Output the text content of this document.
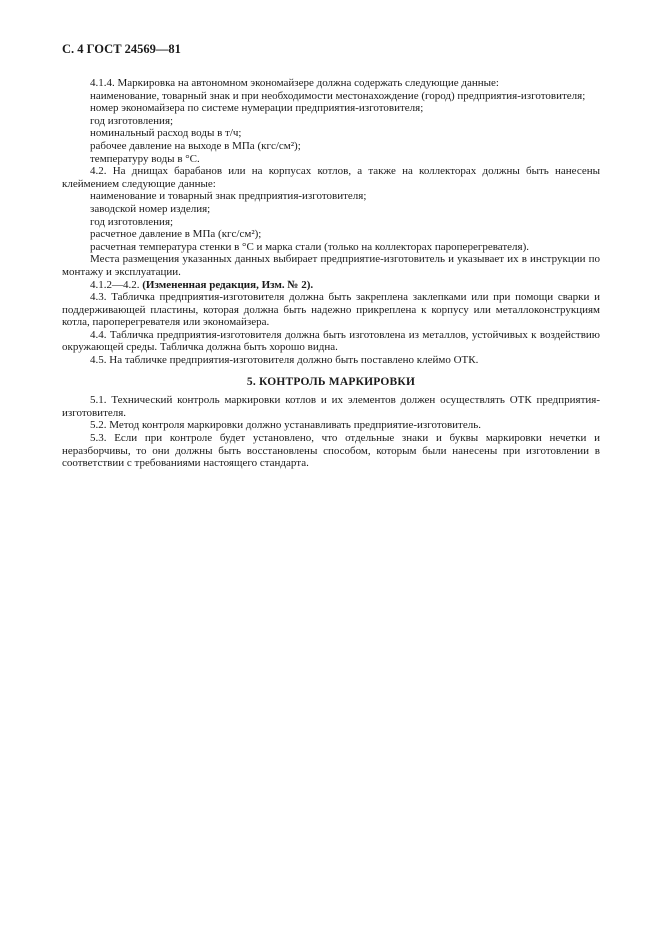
С. 4 ГОСТ 24569—81

4.1.4. Маркировка на автономном экономайзере должна содержать следующие данные:

наименование, товарный знак и при необходимости местонахождение (город) предприятия-изготовителя;

номер экономайзера по системе нумерации предприятия-изготовителя;

год изготовления;

номинальный расход воды в т/ч;

рабочее давление на выходе в МПа (кгс/см²);

температуру воды в °С.

4.2. На днищах барабанов или на корпусах котлов, а также на коллекторах должны быть нанесены клеймением следующие данные:

наименование и товарный знак предприятия-изготовителя;

заводской номер изделия;

год изготовления;

расчетное давление в МПа (кгс/см²);

расчетная температура стенки в °С и марка стали (только на коллекторах пароперегревателя).

Места размещения указанных данных выбирает предприятие-изготовитель и указывает их в инструкции по монтажу и эксплуатации.

4.1.2—4.2. (Измененная редакция, Изм. № 2).

4.3. Табличка предприятия-изготовителя должна быть закреплена заклепками или при помощи сварки и поддерживающей пластины, которая должна быть надежно прикреплена к корпусу или металлоконструкциям котла, пароперегревателя или экономайзера.

4.4. Табличка предприятия-изготовителя должна быть изготовлена из металлов, устойчивых к воздействию окружающей среды. Табличка должна быть хорошо видна.

4.5. На табличке предприятия-изготовителя должно быть поставлено клеймо ОТК.

5. КОНТРОЛЬ МАРКИРОВКИ

5.1. Технический контроль маркировки котлов и их элементов должен осуществлять ОТК предприятия-изготовителя.

5.2. Метод контроля маркировки должно устанавливать предприятие-изготовитель.

5.3. Если при контроле будет установлено, что отдельные знаки и буквы маркировки нечетки и неразборчивы, то они должны быть восстановлены способом, которым были нанесены при изготовлении в соответствии с требованиями настоящего стандарта.
